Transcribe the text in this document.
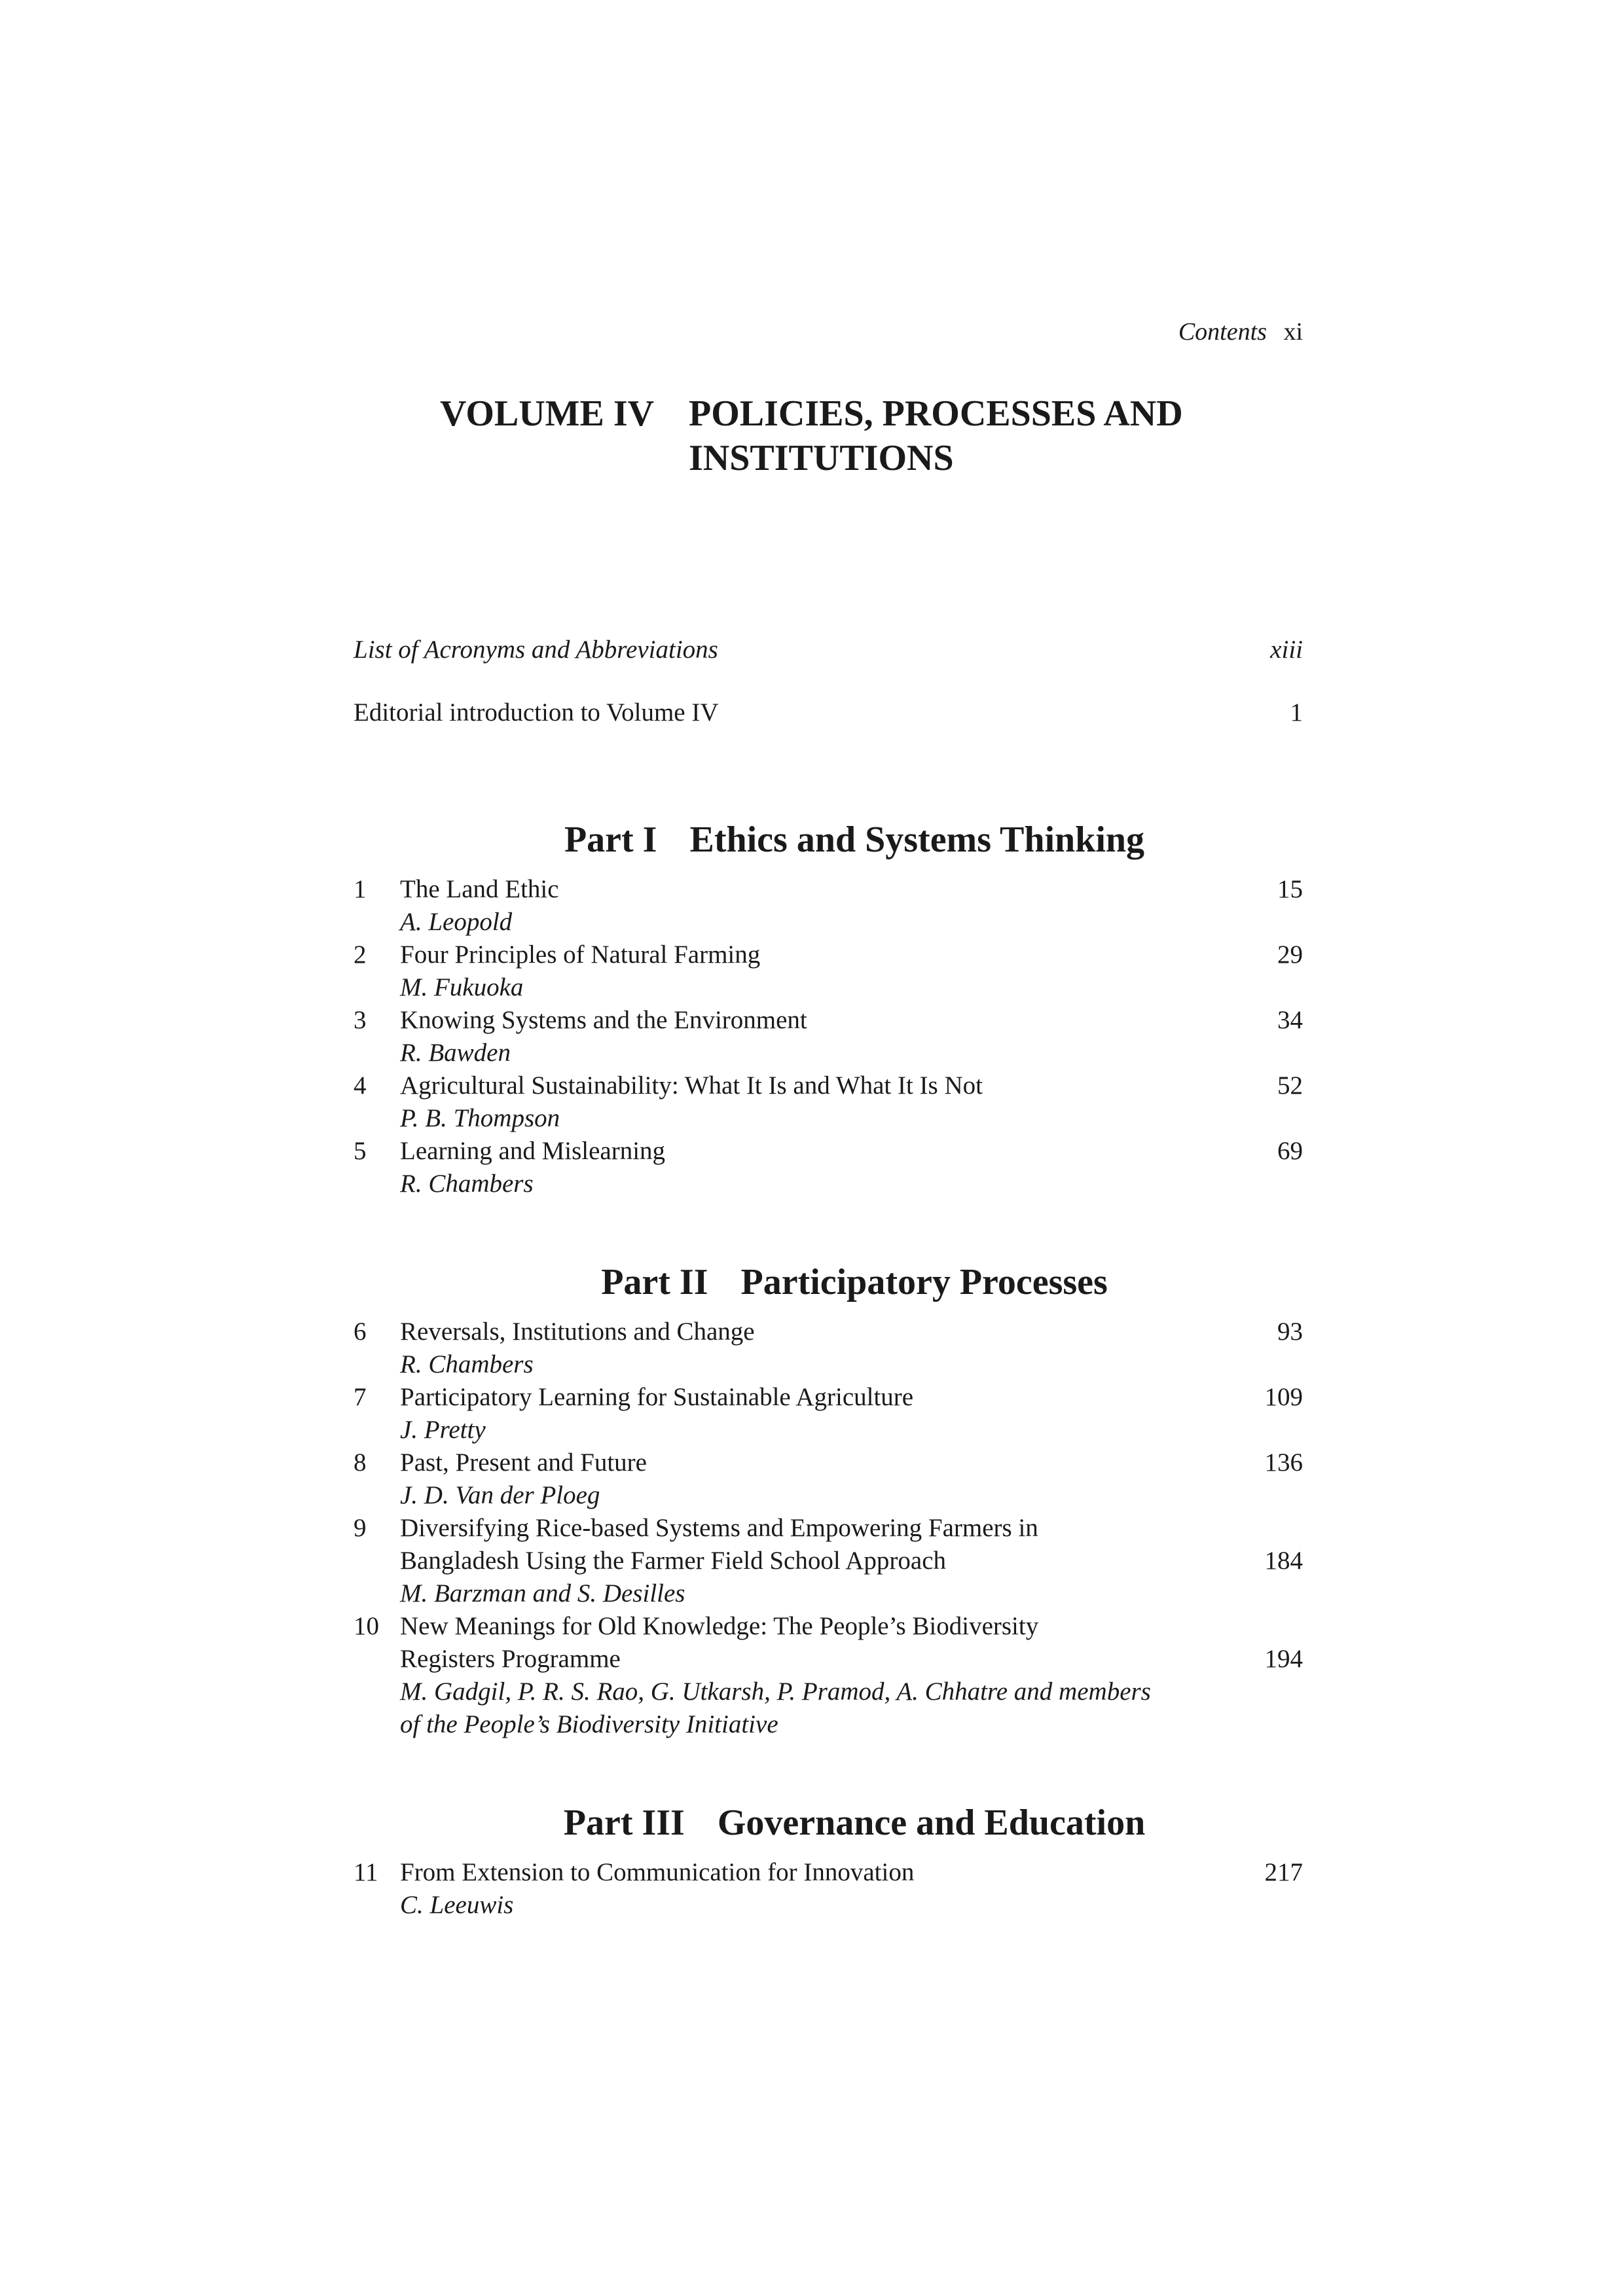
Contents xi
VOLUME IV POLICIES, PROCESSES AND INSTITUTIONS
List of Acronyms and Abbreviations	xiii
Editorial introduction to Volume IV	1
Part I Ethics and Systems Thinking
1 The Land Ethic
A. Leopold
15
2 Four Principles of Natural Farming
M. Fukuoka
29
3 Knowing Systems and the Environment
R. Bawden
34
4 Agricultural Sustainability: What It Is and What It Is Not
P. B. Thompson
52
5 Learning and Mislearning
R. Chambers
69
Part II Participatory Processes
6 Reversals, Institutions and Change
R. Chambers
93
7 Participatory Learning for Sustainable Agriculture
J. Pretty
109
8 Past, Present and Future
J. D. Van der Ploeg
136
9 Diversifying Rice-based Systems and Empowering Farmers in
Bangladesh Using the Farmer Field School Approach
M. Barzman and S. Desilles
184
10 New Meanings for Old Knowledge: The People’s Biodiversity
Registers Programme
M. Gadgil, P. R. S. Rao, G. Utkarsh, P. Pramod, A. Chhatre and members
of the People’s Biodiversity Initiative
194
Part III Governance and Education
11 From Extension to Communication for Innovation
C. Leeuwis
217
